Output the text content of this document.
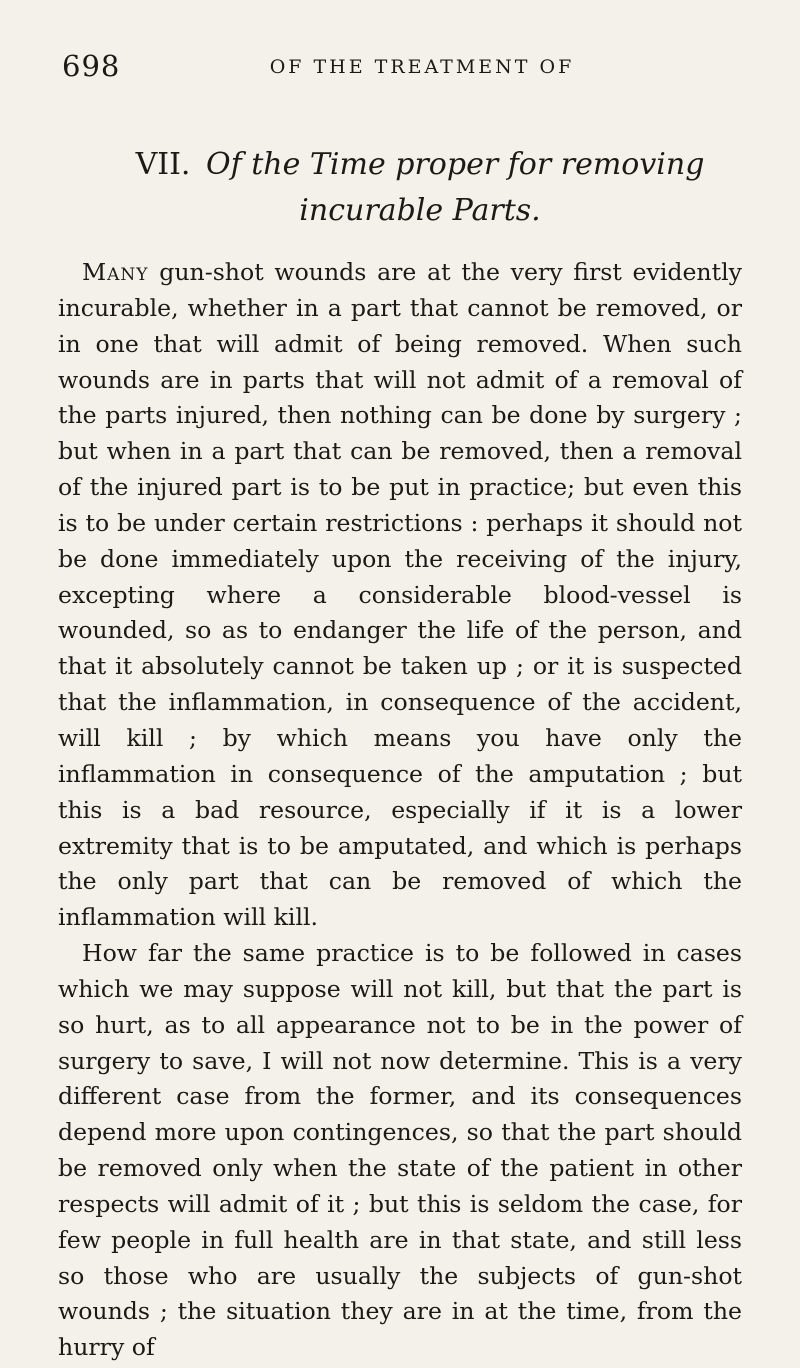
698	OF THE TREATMENT OF
VII. Of the Time proper for removing incurable Parts.

Many gun-shot wounds are at the very first evidently incurable, whether in a part that cannot be removed, or in one that will admit of being removed. When such wounds are in parts that will not admit of a removal of the parts injured, then nothing can be done by surgery ; but when in a part that can be removed, then a removal of the injured part is to be put in practice; but even this is to be under certain restrictions : perhaps it should not be done immediately upon the receiving of the injury, excepting where a considerable blood-vessel is wounded, so as to endanger the life of the person, and that it absolutely cannot be taken up ; or it is suspected that the inflammation, in consequence of the accident, will kill ; by which means you have only the inflammation in consequence of the amputation ; but this is a bad resource, especially if it is a lower extremity that is to be amputated, and which is perhaps the only part that can be removed of which the inflammation will kill.

How far the same practice is to be followed in cases which we may suppose will not kill, but that the part is so hurt, as to all appearance not to be in the power of surgery to save, I will not now determine. This is a very different case from the former, and its consequences depend more upon contingences, so that the part should be removed only when the state of the patient in other respects will admit of it ; but this is seldom the case, for few people in full health are in that state, and still less so those who are usually the subjects of gun-shot wounds ; the situation they are in at the time, from the hurry of
